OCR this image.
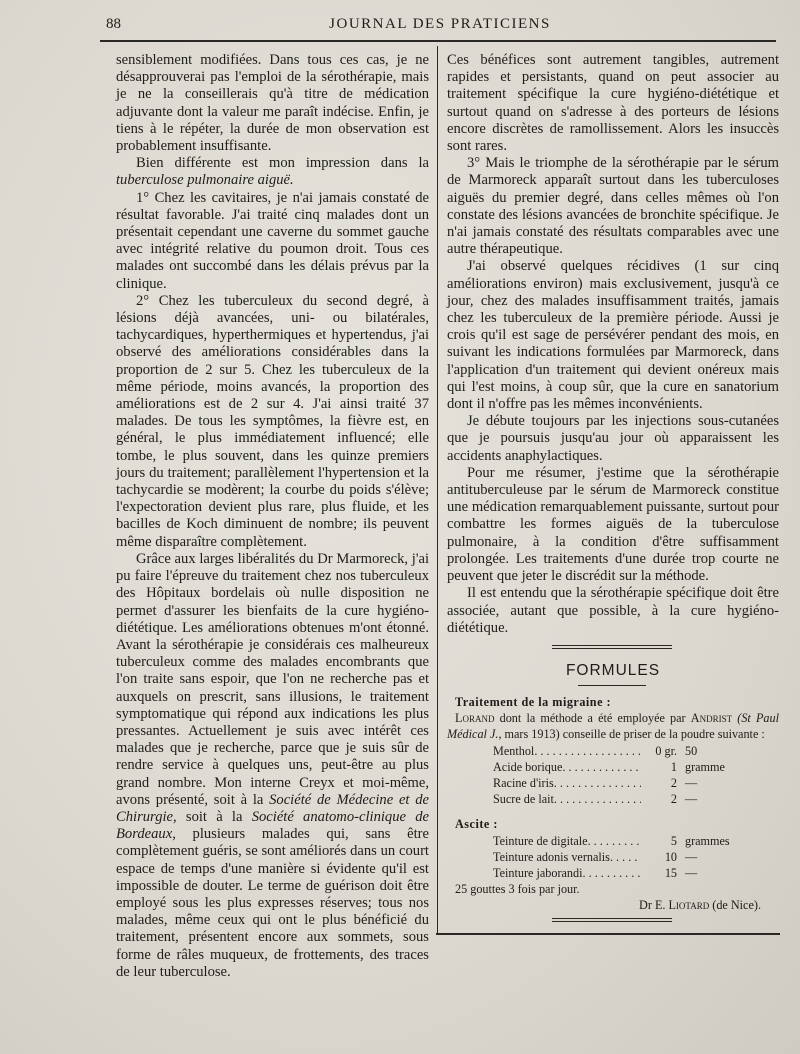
88	JOURNAL DES PRATICIENS

sensiblement modifiées. Dans tous ces cas, je ne désapprouverai pas l'emploi de la sérothérapie, mais je ne la conseillerais qu'à titre de médication adjuvante dont la valeur me paraît indécise. Enfin, je tiens à le répéter, la durée de mon observation est probablement insuffisante.

Bien différente est mon impression dans la tuberculose pulmonaire aiguë.

1° Chez les cavitaires, je n'ai jamais constaté de résultat favorable. J'ai traité cinq malades dont un présentait cependant une caverne du sommet gauche avec intégrité relative du poumon droit. Tous ces malades ont succombé dans les délais prévus par la clinique.

2° Chez les tuberculeux du second degré, à lésions déjà avancées, uni- ou bilatérales, tachycardiques, hyperthermiques et hypertendus, j'ai observé des améliorations considérables dans la proportion de 2 sur 5. Chez les tuberculeux de la même période, moins avancés, la proportion des améliorations est de 2 sur 4. J'ai ainsi traité 37 malades. De tous les symptômes, la fièvre est, en général, le plus immédiatement influencé; elle tombe, le plus souvent, dans les quinze premiers jours du traitement; parallèlement l'hypertension et la tachycardie se modèrent; la courbe du poids s'élève; l'expectoration devient plus rare, plus fluide, et les bacilles de Koch diminuent de nombre; ils peuvent même disparaître complètement.

Grâce aux larges libéralités du Dr Marmoreck, j'ai pu faire l'épreuve du traitement chez nos tuberculeux des Hôpitaux bordelais où nulle disposition ne permet d'assurer les bienfaits de la cure hygiéno-diététique. Les améliorations obtenues m'ont étonné. Avant la sérothérapie je considérais ces malheureux tuberculeux comme des malades encombrants que l'on traite sans espoir, que l'on ne recherche pas et auxquels on prescrit, sans illusions, le traitement symptomatique qui répond aux indications les plus pressantes. Actuellement je suis avec intérêt ces malades que je recherche, parce que je suis sûr de rendre service à quelques uns, peut-être au plus grand nombre. Mon interne Creyx et moi-même, avons présenté, soit à la Société de Médecine et de Chirurgie, soit à la Société anatomo-clinique de Bordeaux, plusieurs malades qui, sans être complètement guéris, se sont améliorés dans un court espace de temps d'une manière si évidente qu'il est impossible de douter. Le terme de guérison doit être employé sous les plus expresses réserves; tous nos malades, même ceux qui ont le plus bénéficié du traitement, présentent encore aux sommets, sous forme de râles muqueux, de frottements, des traces de leur tuberculose.

Ces bénéfices sont autrement tangibles, autrement rapides et persistants, quand on peut associer au traitement spécifique la cure hygiéno-diététique et surtout quand on s'adresse à des porteurs de lésions encore discrètes de ramollissement. Alors les insuccès sont rares.

3° Mais le triomphe de la sérothérapie par le sérum de Marmoreck apparaît surtout dans les tuberculoses aiguës du premier degré, dans celles mêmes où l'on constate des lésions avancées de bronchite spécifique. Je n'ai jamais constaté des résultats comparables avec une autre thérapeutique.

J'ai observé quelques récidives (1 sur cinq améliorations environ) mais exclusivement, jusqu'à ce jour, chez des malades insuffisamment traités, jamais chez les tuberculeux de la première période. Aussi je crois qu'il est sage de persévérer pendant des mois, en suivant les indications formulées par Marmoreck, dans l'application d'un traitement qui devient onéreux mais qui l'est moins, à coup sûr, que la cure en sanatorium dont il n'offre pas les mêmes inconvénients.

Je débute toujours par les injections sous-cutanées que je poursuis jusqu'au jour où apparaissent les accidents anaphylactiques.

Pour me résumer, j'estime que la sérothérapie antituberculeuse par le sérum de Marmoreck constitue une médication remarquablement puissante, surtout pour combattre les formes aiguës de la tuberculose pulmonaire, à la condition d'être suffisamment prolongée. Les traitements d'une durée trop courte ne peuvent que jeter le discrédit sur la méthode.

Il est entendu que la sérothérapie spécifique doit être associée, autant que possible, à la cure hygiéno-diététique.

FORMULES
Traitement de la migraine :
Lorand dont la méthode a été employée par Andrist (St Paul Médical J., mars 1913) conseille de priser de la poudre suivante :
Menthol . . .	0 gr. 50
Acide borique . . .	1 gramme
Racine d'iris . . .	2 —
Sucre de lait . . .	2 —
Ascite :
Teinture de digitale . . .	5 grammes
Teinture adonis vernalis . . .	10 —
Teinture jaborandi . . .	15 —
25 gouttes 3 fois par jour.
Dr E. Liotard (de Nice).
